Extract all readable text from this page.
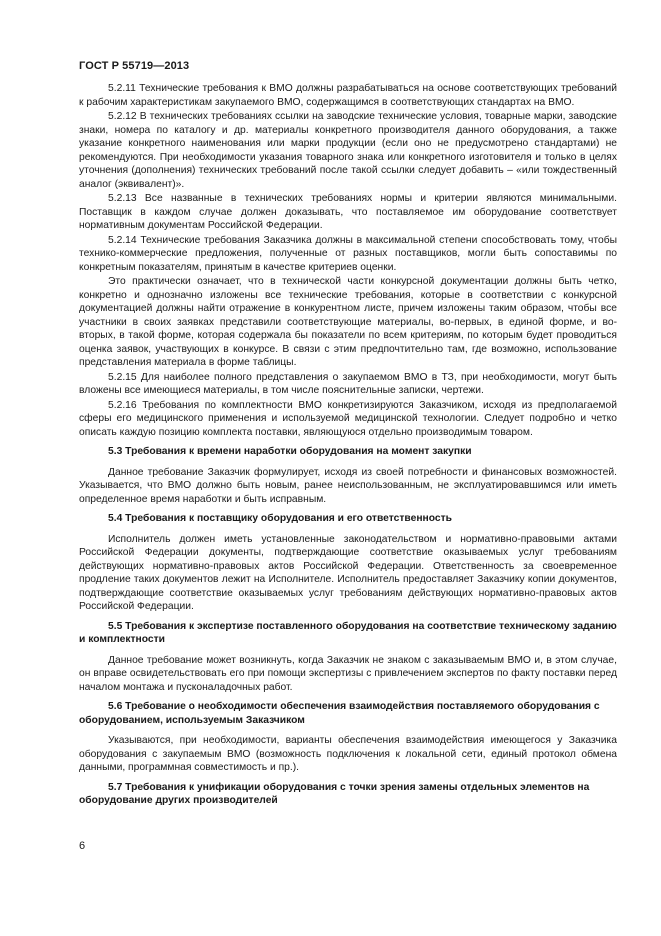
ГОСТ Р 55719—2013
5.2.11 Технические требования к ВМО должны разрабатываться на основе соответствующих требований к рабочим характеристикам закупаемого ВМО, содержащимся в соответствующих стандартах на ВМО.
5.2.12 В технических требованиях ссылки на заводские технические условия, товарные марки, заводские знаки, номера по каталогу и др. материалы конкретного производителя данного оборудования, а также указание конкретного наименования или марки продукции (если оно не предусмотрено стандартами) не рекомендуются. При необходимости указания товарного знака или конкретного изготовителя и только в целях уточнения (дополнения) технических требований после такой ссылки следует добавить – «или тождественный аналог (эквивалент)».
5.2.13 Все названные в технических требованиях нормы и критерии являются минимальными. Поставщик в каждом случае должен доказывать, что поставляемое им оборудование соответствует нормативным документам Российской Федерации.
5.2.14 Технические требования Заказчика должны в максимальной степени способствовать тому, чтобы технико-коммерческие предложения, полученные от разных поставщиков, могли быть сопоставимы по конкретным показателям, принятым в качестве критериев оценки.
Это практически означает, что в технической части конкурсной документации должны быть четко, конкретно и однозначно изложены все технические требования, которые в соответствии с конкурсной документацией должны найти отражение в конкурентном листе, причем изложены таким образом, чтобы все участники в своих заявках представили соответствующие материалы, во-первых, в единой форме, и во-вторых, в такой форме, которая содержала бы показатели по всем критериям, по которым будет проводиться оценка заявок, участвующих в конкурсе. В связи с этим предпочтительно там, где возможно, использование представления материала в форме таблицы.
5.2.15 Для наиболее полного представления о закупаемом ВМО в ТЗ, при необходимости, могут быть вложены все имеющиеся материалы, в том числе пояснительные записки, чертежи.
5.2.16 Требования по комплектности ВМО конкретизируются Заказчиком, исходя из предполагаемой сферы его медицинского применения и используемой медицинской технологии. Следует подробно и четко описать каждую позицию комплекта поставки, являющуюся отдельно производимым товаром.
5.3 Требования к времени наработки оборудования на момент закупки
Данное требование Заказчик формулирует, исходя из своей потребности и финансовых возможностей. Указывается, что ВМО должно быть новым, ранее неиспользованным, не эксплуатировавшимся или иметь определенное время наработки и быть исправным.
5.4 Требования к поставщику оборудования и его ответственность
Исполнитель должен иметь установленные законодательством и нормативно-правовыми актами Российской Федерации документы, подтверждающие соответствие оказываемых услуг требованиям действующих нормативно-правовых актов Российской Федерации. Ответственность за своевременное продление таких документов лежит на Исполнителе. Исполнитель предоставляет Заказчику копии документов, подтверждающие соответствие оказываемых услуг требованиям действующих нормативно-правовых актов Российской Федерации.
5.5 Требования к экспертизе поставленного оборудования на соответствие техническому заданию и комплектности
Данное требование может возникнуть, когда Заказчик не знаком с заказываемым ВМО и, в этом случае, он вправе освидетельствовать его при помощи экспертизы с привлечением экспертов по факту поставки перед началом монтажа и пусконаладочных работ.
5.6 Требование о необходимости обеспечения взаимодействия поставляемого оборудования с оборудованием, используемым Заказчиком
Указываются, при необходимости, варианты обеспечения взаимодействия имеющегося у Заказчика оборудования с закупаемым ВМО (возможность подключения к локальной сети, единый протокол обмена данными, программная совместимость и пр.).
5.7 Требования к унификации оборудования с точки зрения замены отдельных элементов на оборудование других производителей
6
